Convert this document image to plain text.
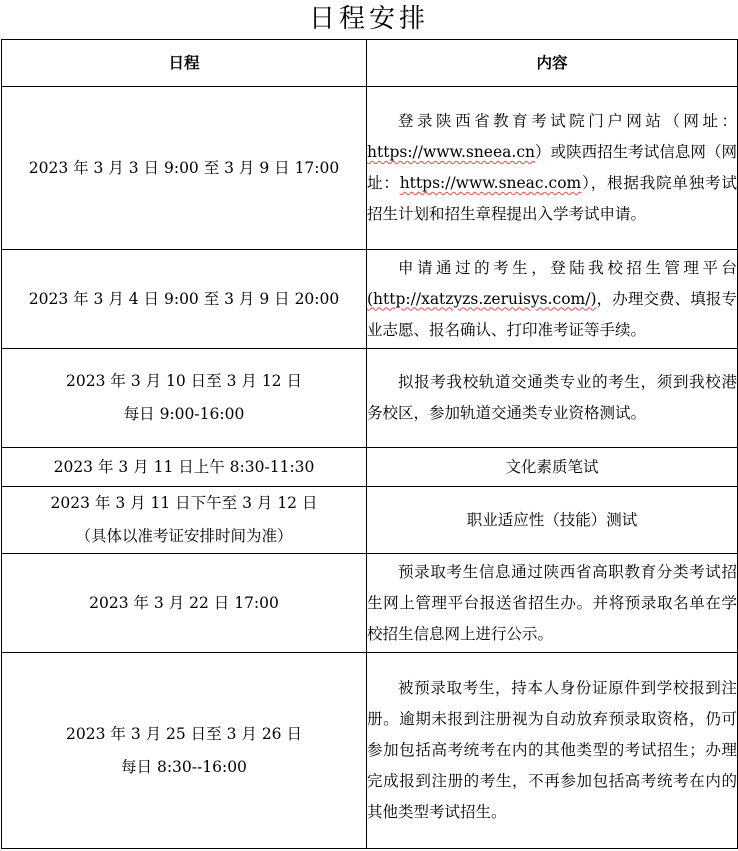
日程安排
日程	内容

2023 年 3 月 3 日 9:00 至 3 月 9 日 17:00	登录陕西省教育考试院门户网站（网址：https://www.sneea.cn）或陕西招生考试信息网（网址：https://www.sneac.com），根据我院单独考试招生计划和招生章程提出入学考试申请。

2023 年 3 月 4 日 9:00 至 3 月 9 日 20:00	申请通过的考生，登陆我校招生管理平台(http://xatzyzs.zeruisys.com/)，办理交费、填报专业志愿、报名确认、打印准考证等手续。

2023 年 3 月 10 日至 3 月 12 日
每日 9:00-16:00	拟报考我校轨道交通类专业的考生，须到我校港务校区，参加轨道交通类专业资格测试。

2023 年 3 月 11 日上午 8:30-11:30	文化素质笔试

2023 年 3 月 11 日下午至 3 月 12 日
（具体以准考证安排时间为准）	职业适应性（技能）测试

2023 年 3 月 22 日 17:00	预录取考生信息通过陕西省高职教育分类考试招生网上管理平台报送省招生办。并将预录取名单在学校招生信息网上进行公示。

2023 年 3 月 25 日至 3 月 26 日
每日 8:30--16:00	被预录取考生，持本人身份证原件到学校报到注册。逾期未报到注册视为自动放弃预录取资格，仍可参加包括高考统考在内的其他类型的考试招生；办理完成报到注册的考生，不再参加包括高考统考在内的其他类型考试招生。
